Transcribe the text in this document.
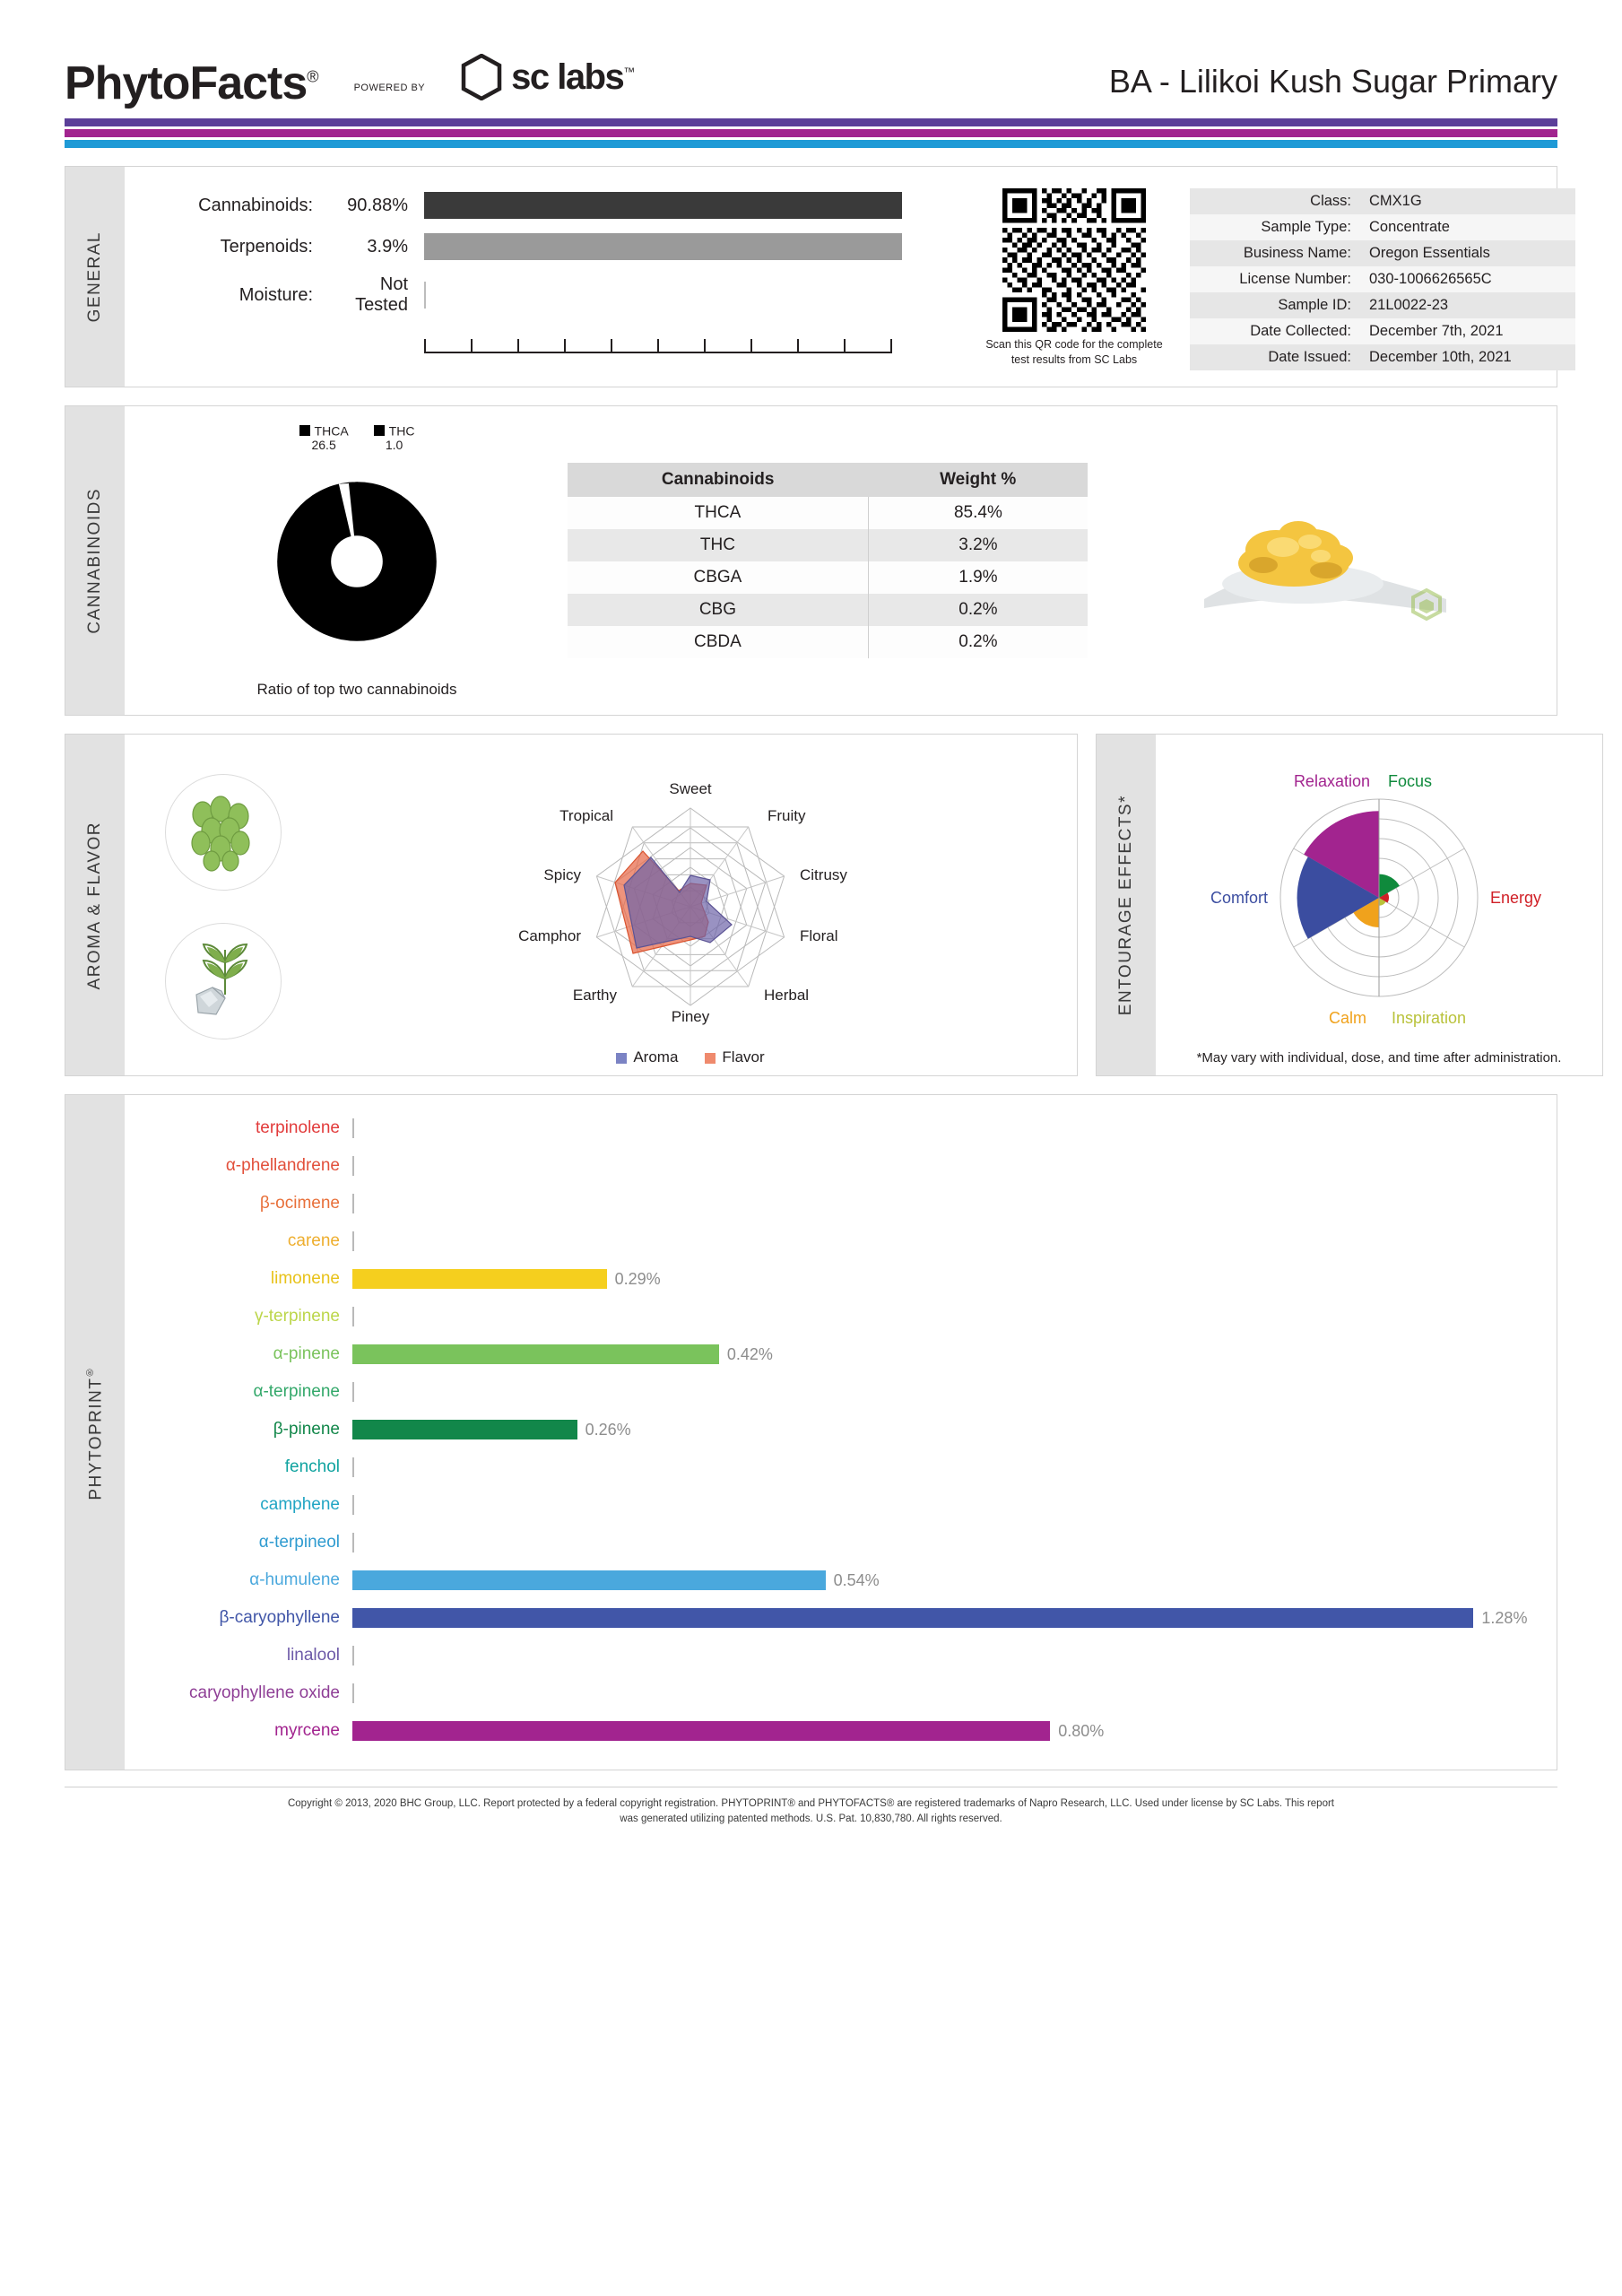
PhytoFacts®
POWERED BY sc labs™	BA - Lilikoi Kush Sugar Primary
GENERAL
Cannabinoids:	90.88%
Terpenoids:	3.9%
Moisture:
Not Tested
Scan this QR code for the complete test results from SC Labs
Class:	CMX1G
Sample Type:	Concentrate
Business Name:	Oregon Essentials
License Number:	030-1006626565C
Sample ID:	21L0022-23
Date Collected:	December 7th, 2021
Date Issued:	December 10th, 2021
CANNABINOIDS
THCA
26.5
THC
1.0
Ratio of top two cannabinoids
Cannabinoids	Weight %
THCA	85.4%
THC	3.2%
CBGA	1.9%
CBG	0.2%
CBDA	0.2%
AROMA & FLAVOR
Sweet
Fruity
Citrusy
Floral
Herbal
Piney
Earthy
Camphor
Spicy
Tropical
Aroma	Flavor
ENTOURAGE EFFECTS*
Focus
Relaxation
Energy
Comfort
Inspiration
Calm
*May vary with individual, dose, and time after administration.
PHYTOPRINT®
terpinolene
α-phellandrene
β-ocimene
carene
limonene	0.29%
γ-terpinene
α-pinene	0.42%
α-terpinene
β-pinene	0.26%
fenchol
camphene
α-terpineol
α-humulene	0.54%
β-caryophyllene	1.28%
linalool
caryophyllene oxide
myrcene	0.80%
Copyright © 2013, 2020 BHC Group, LLC. Report protected by a federal copyright registration. PHYTOPRINT® and PHYTOFACTS® are registered trademarks of Napro Research, LLC. Used under license by SC Labs. This report
was generated utilizing patented methods. U.S. Pat. 10,830,780. All rights reserved.
